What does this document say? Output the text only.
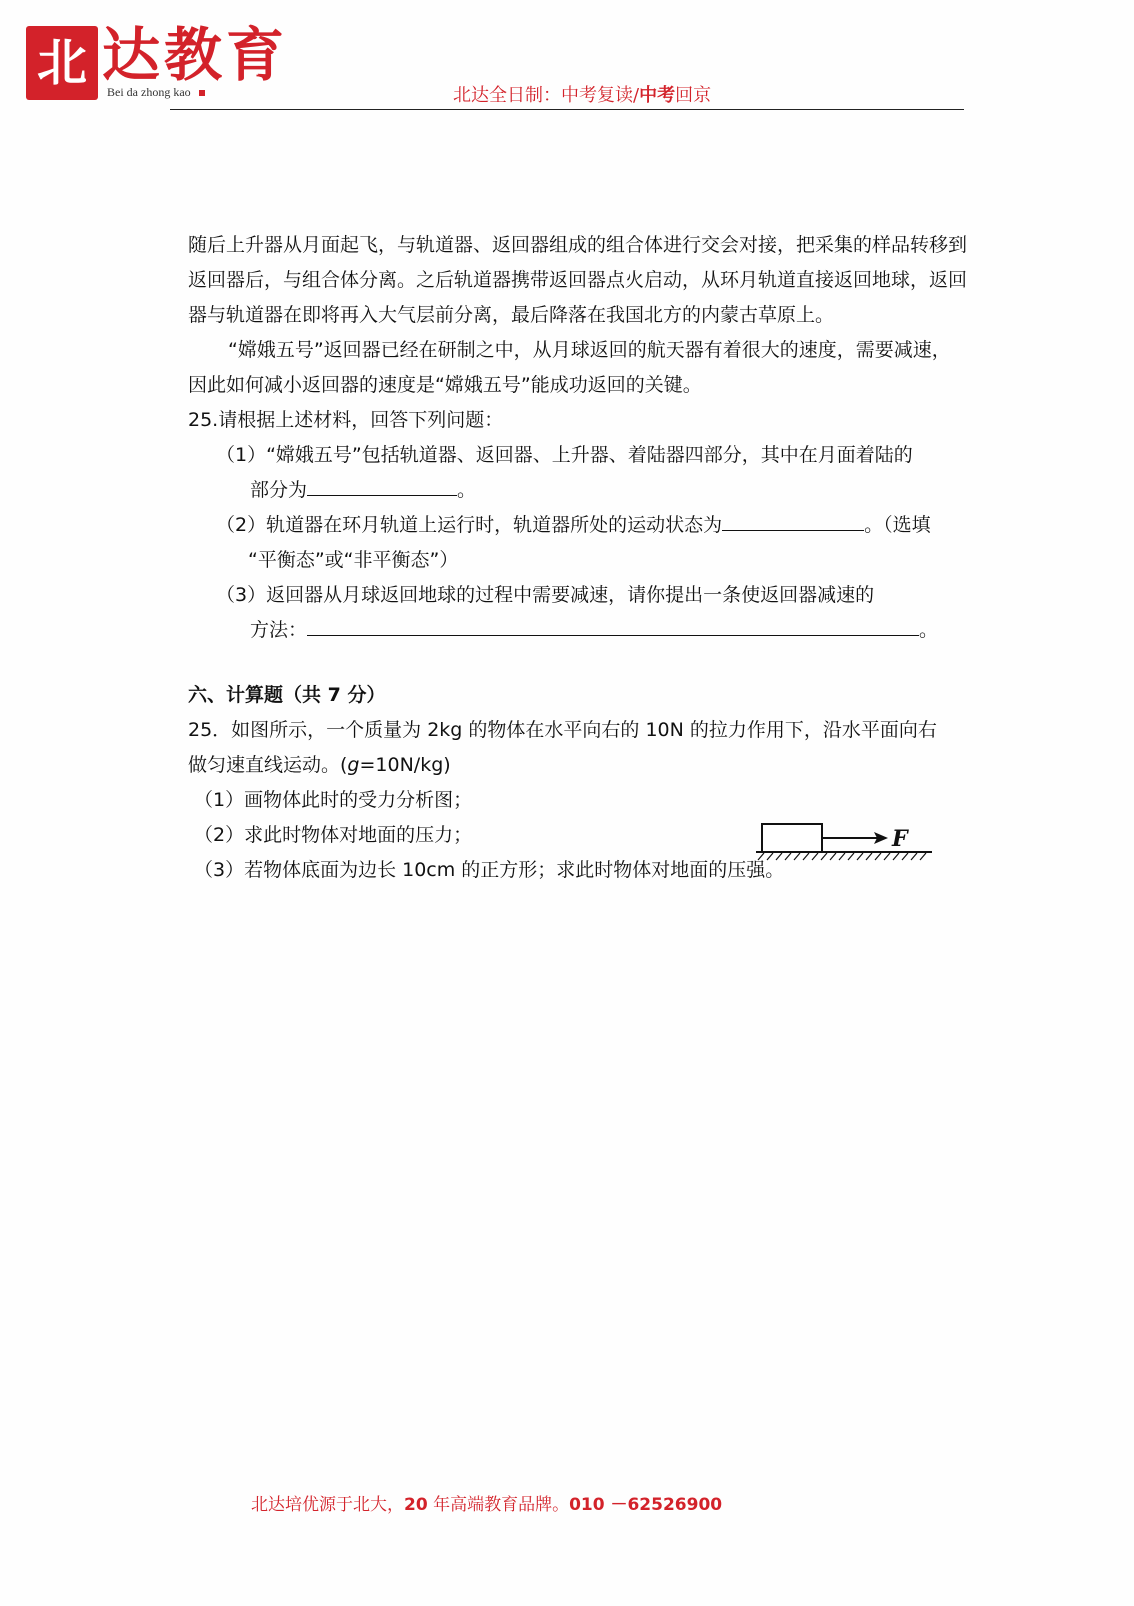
北 达教育
Bei da zhong kao	北达全日制：中考复读/中考回京

随后上升器从月面起飞，与轨道器、返回器组成的组合体进行交会对接，把采集的样品转移到返回器后，与组合体分离。之后轨道器携带返回器点火启动，从环月轨道直接返回地球，返回器与轨道器在即将再入大气层前分离，最后降落在我国北方的内蒙古草原上。

“嫦娥五号”返回器已经在研制之中，从月球返回的航天器有着很大的速度，需要减速，因此如何减小返回器的速度是“嫦娥五号”能成功返回的关键。

25.请根据上述材料，回答下列问题：

（1）“嫦娥五号”包括轨道器、返回器、上升器、着陆器四部分，其中在月面着陆的

部分为	。

（2）轨道器在环月轨道上运行时，轨道器所处的运动状态为	。（选填

“平衡态”或“非平衡态”）

（3）返回器从月球返回地球的过程中需要减速，请你提出一条使返回器减速的

方法：	。

六、计算题（共 7 分）

25．如图所示，一个质量为 2kg 的物体在水平向右的 10N 的拉力作用下，沿水平面向右

做匀速直线运动。(g=10N/kg)

（1）画物体此时的受力分析图；

（2）求此时物体对地面的压力；

（3）若物体底面为边长 10cm 的正方形；求此时物体对地面的压强。

F
北达培优源于北大，20 年高端教育品牌。010 －62526900
